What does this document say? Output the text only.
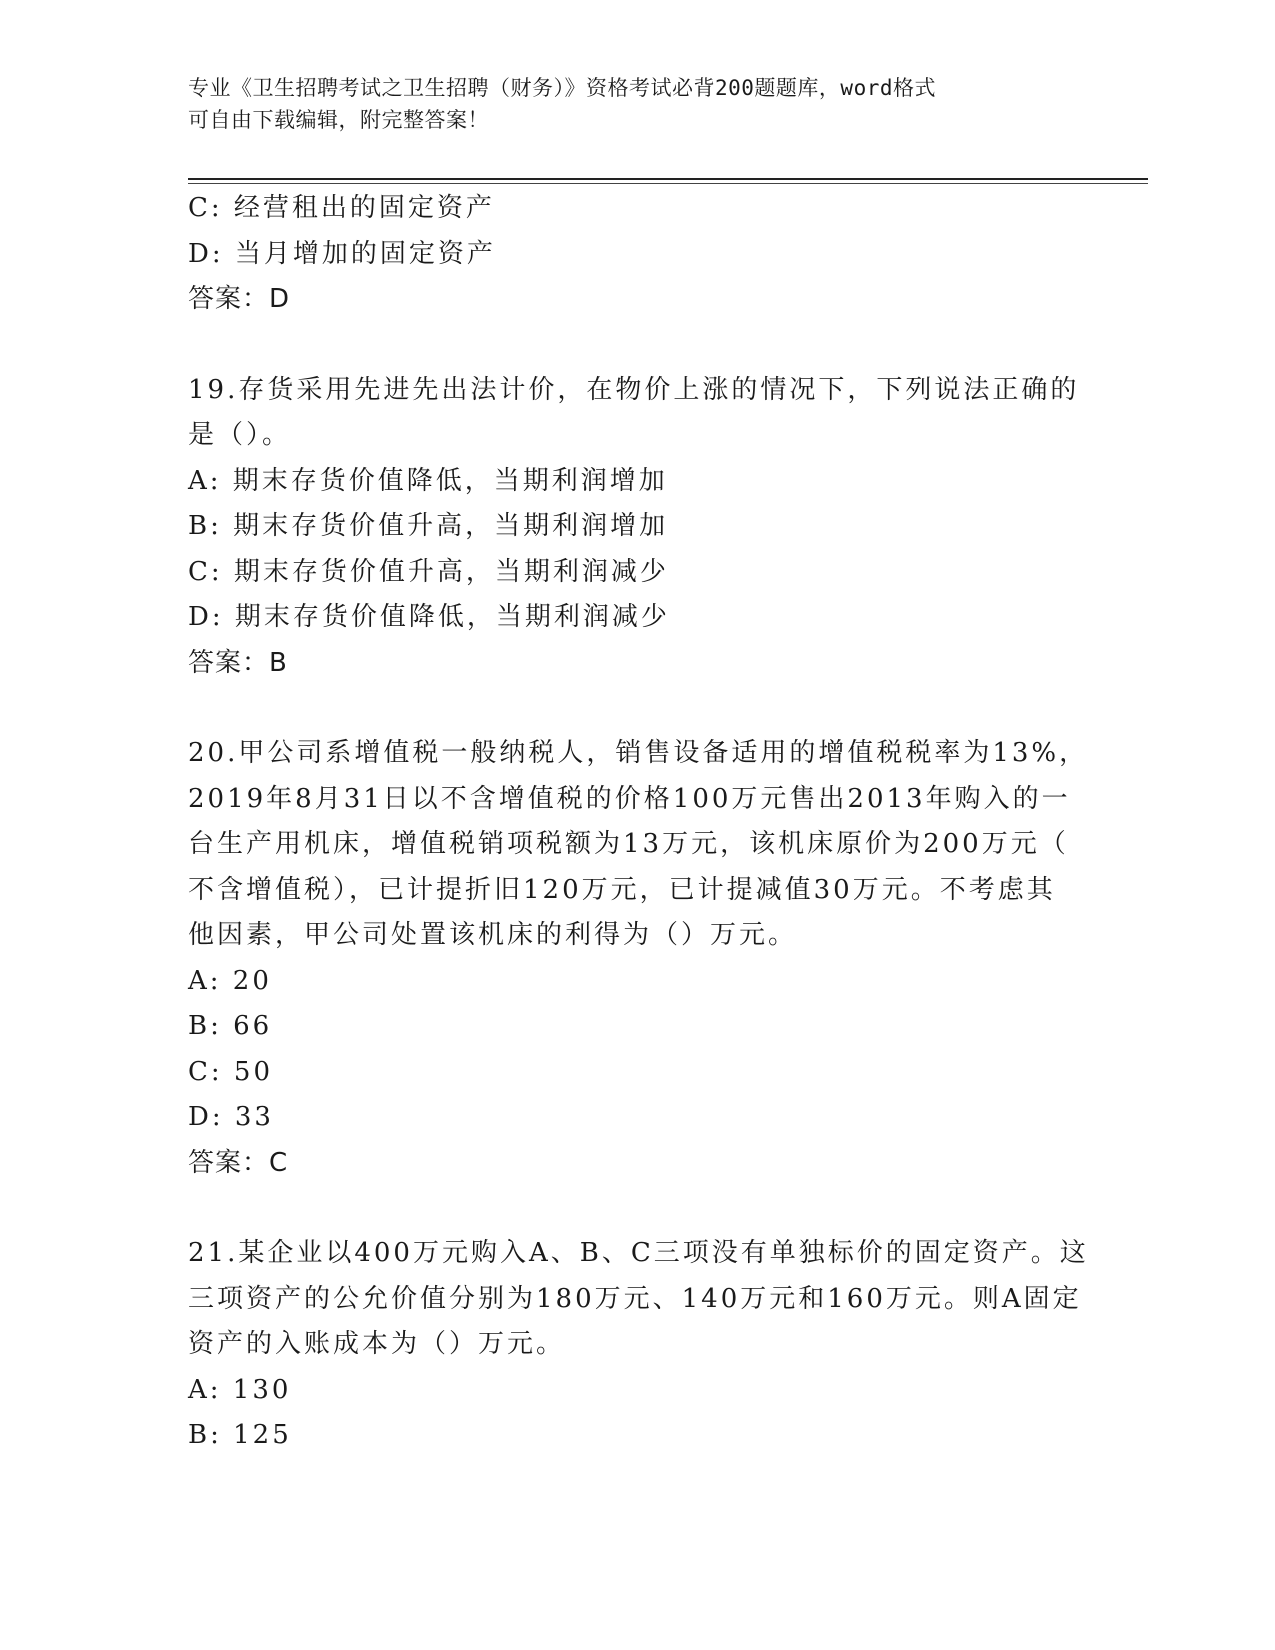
专业《卫生招聘考试之卫生招聘（财务）》资格考试必背200题题库，word格式
可自由下载编辑，附完整答案！
C: 经营租出的固定资产
D: 当月增加的固定资产
答案：D
19.存货采用先进先出法计价，在物价上涨的情况下，下列说法正确的
是（）。
A: 期末存货价值降低，当期利润增加
B: 期末存货价值升高，当期利润增加
C: 期末存货价值升高，当期利润减少
D: 期末存货价值降低，当期利润减少
答案：B
20.甲公司系增值税一般纳税人，销售设备适用的增值税税率为13%，
2019年8月31日以不含增值税的价格100万元售出2013年购入的一
台生产用机床，增值税销项税额为13万元，该机床原价为200万元（
不含增值税），已计提折旧120万元，已计提减值30万元。不考虑其
他因素，甲公司处置该机床的利得为（）万元。
A: 20
B: 66
C: 50
D: 33
答案：C
21.某企业以400万元购入A、B、C三项没有单独标价的固定资产。这
三项资产的公允价值分别为180万元、140万元和160万元。则A固定
资产的入账成本为（）万元。
A: 130
B: 125
